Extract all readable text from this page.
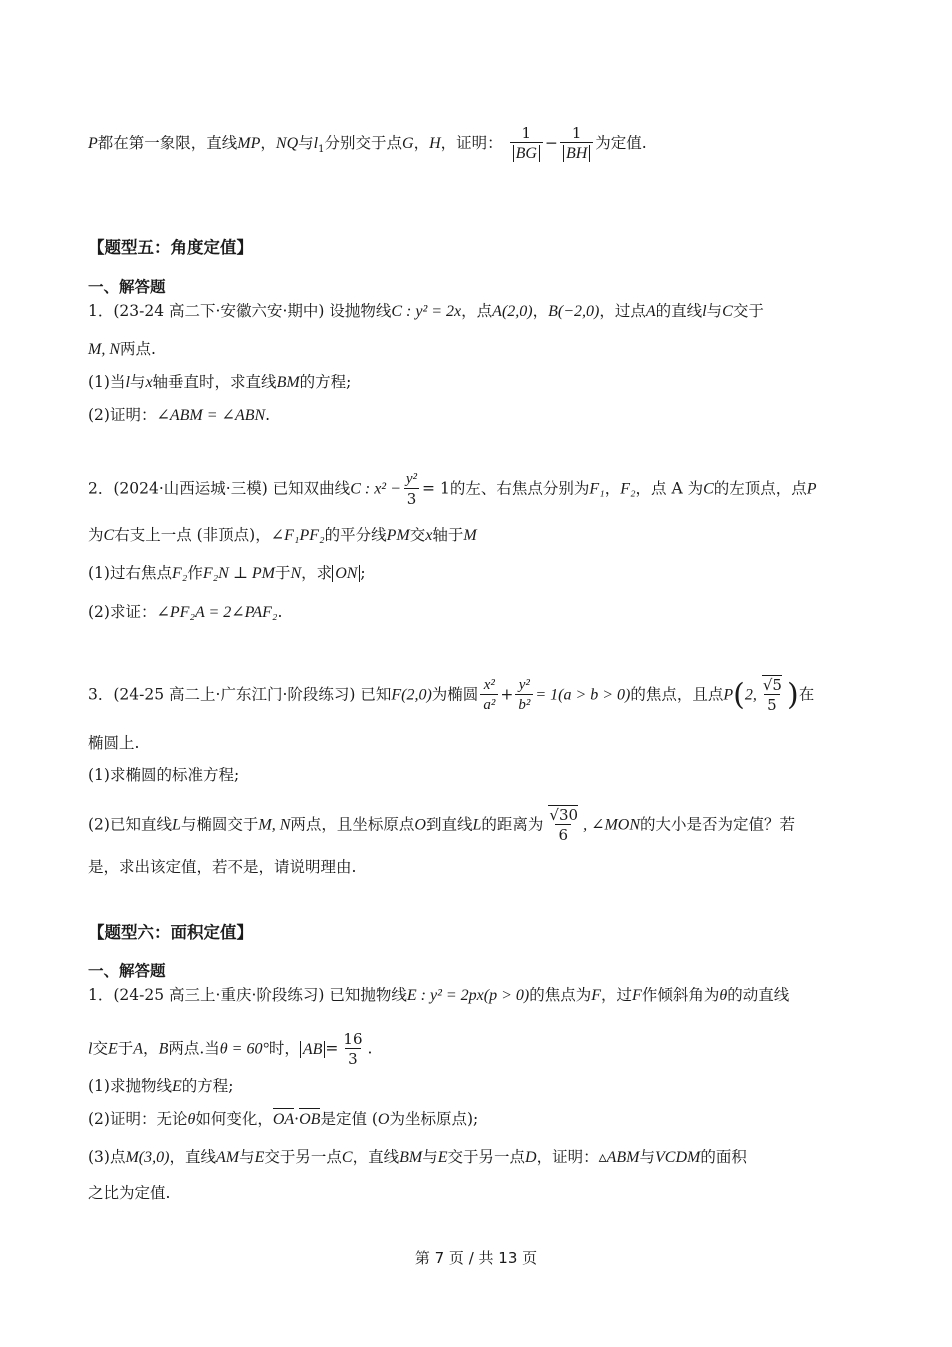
P都在第一象限，直线MP，NQ与$l_1$分别交于点G，H，证明： $\frac{1}{BG} - \frac{1}{BH}$ 为定值.
【题型五：角度定值】
一、解答题
1．(23-24 高二下·安徽六安·期中) 设抛物线C : y² = 2x，点A(2,0)，B(−2,0)，过点A的直线l与C交于
M, N两点.
(1)当l与x轴垂直时，求直线BM的方程;
(2)证明：∠ABM = ∠ABN.
2．(2024·山西运城·三模) 已知双曲线C : $x^2 - \frac{\text{y²}}{3} = 1$的左、右焦点分别为F₁，F₂，点 A 为C的左顶点，点P
为C右支上一点 (非顶点)，∠F₁PF₂的平分线PM交x轴于M
(1)过右焦点F₂作F₂N ⊥ PM于N，求 ON ;
(2)求证：∠PF₂A = 2∠PAF₂.
3．(24-25 高二上·广东江门·阶段练习) 已知F(2,0)为椭圆 $\frac{\text{x²}}{\text{a²}} + \frac{\text{y²}}{\text{b²}} = 1(a > b > 0)$的焦点，且点P(2, $\frac{√5}{5}$ )在
椭圆上.
(1)求椭圆的标准方程;
(2)已知直线L与椭圆交于M, N两点，且坐标原点O到直线L的距离为 $\frac{√30}{6}$ , ∠MON的大小是否为定值？若
是，求出该定值，若不是，请说明理由.
【题型六：面积定值】
一、解答题
1．(24-25 高三上·重庆·阶段练习) 已知抛物线E : y² = 2px(p > 0)的焦点为F，过F作倾斜角为θ的动直线
l交E于A，B两点.当θ = 60°时， AB = $\frac{16}{3}$ .
(1)求抛物线E的方程;
(2)证明：无论θ如何变化，OA·OB是定值 (O为坐标原点);
(3)点M(3,0)，直线AM与E交于另一点C，直线BM与E交于另一点D，证明：▵ABM与VCDM的面积
之比为定值.
第 7 页 / 共 13 页
